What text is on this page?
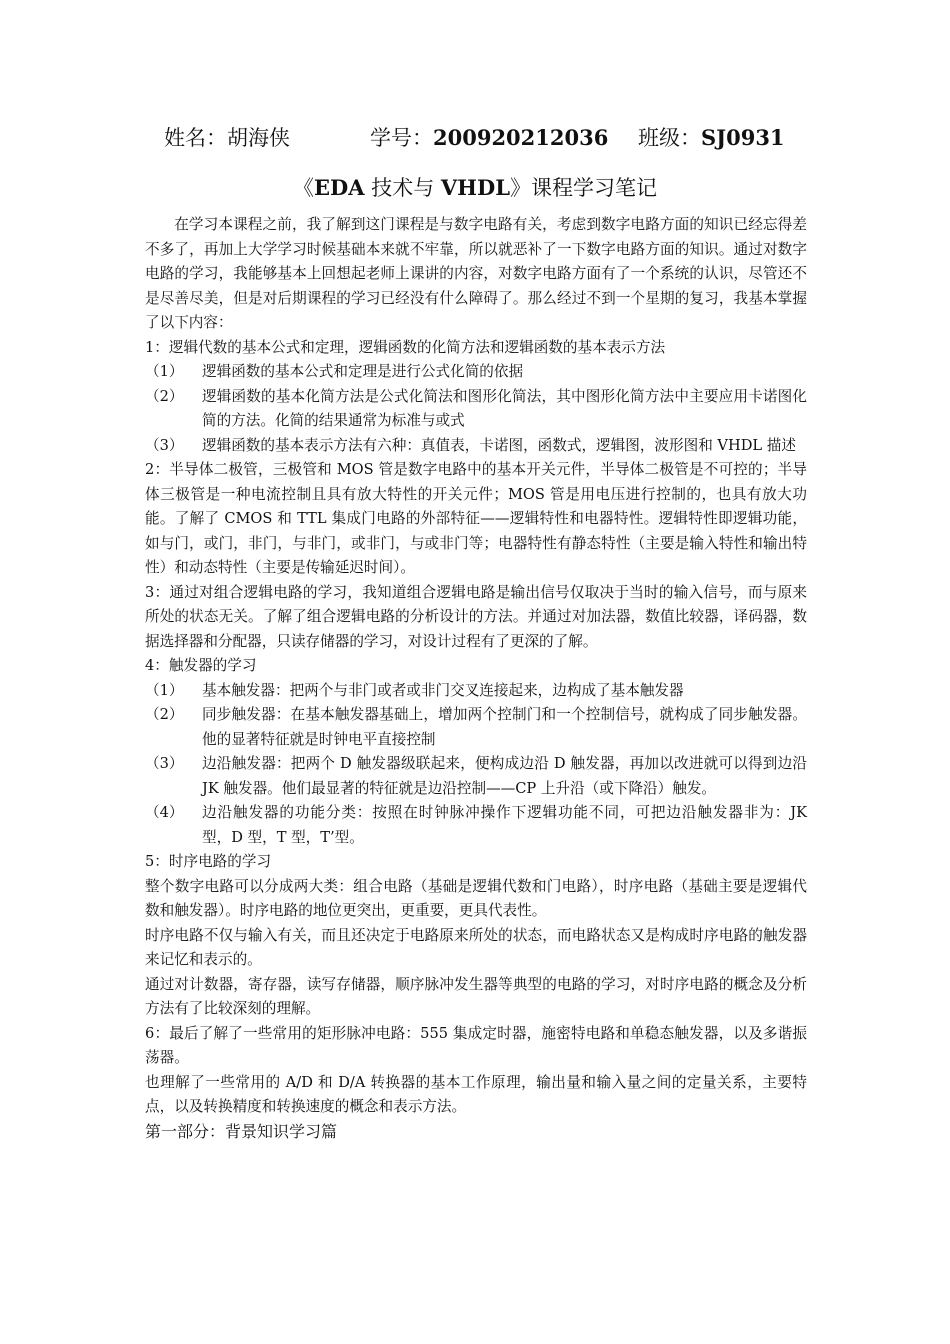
姓名：胡海侠	学号：200920212036 班级：SJ0931
《EDA 技术与 VHDL》课程学习笔记

在学习本课程之前，我了解到这门课程是与数字电路有关，考虑到数字电路方面的知识已经忘得差不多了，再加上大学学习时候基础本来就不牢靠，所以就恶补了一下数字电路方面的知识。通过对数字电路的学习，我能够基本上回想起老师上课讲的内容，对数字电路方面有了一个系统的认识，尽管还不是尽善尽美，但是对后期课程的学习已经没有什么障碍了。那么经过不到一个星期的复习，我基本掌握了以下内容：

1：逻辑代数的基本公式和定理，逻辑函数的化简方法和逻辑函数的基本表示方法

（1） 逻辑函数的基本公式和定理是进行公式化简的依据
（2） 逻辑函数的基本化简方法是公式化简法和图形化简法，其中图形化简方法中主要应用卡诺图化简的方法。化简的结果通常为标准与或式
（3） 逻辑函数的基本表示方法有六种：真值表，卡诺图，函数式，逻辑图，波形图和 VHDL 描述

2：半导体二极管，三极管和 MOS 管是数字电路中的基本开关元件，半导体二极管是不可控的；半导体三极管是一种电流控制且具有放大特性的开关元件；MOS 管是用电压进行控制的，也具有放大功能。了解了 CMOS 和 TTL 集成门电路的外部特征——逻辑特性和电器特性。逻辑特性即逻辑功能，如与门，或门，非门，与非门，或非门，与或非门等；电器特性有静态特性（主要是输入特性和输出特性）和动态特性（主要是传输延迟时间）。

3：通过对组合逻辑电路的学习，我知道组合逻辑电路是输出信号仅取决于当时的输入信号，而与原来所处的状态无关。了解了组合逻辑电路的分析设计的方法。并通过对加法器，数值比较器，译码器，数据选择器和分配器，只读存储器的学习，对设计过程有了更深的了解。

4：触发器的学习

（1） 基本触发器：把两个与非门或者或非门交叉连接起来，边构成了基本触发器
（2） 同步触发器：在基本触发器基础上，增加两个控制门和一个控制信号，就构成了同步触发器。他的显著特征就是时钟电平直接控制
（3） 边沿触发器：把两个 D 触发器级联起来，便构成边沿 D 触发器，再加以改进就可以得到边沿 JK 触发器。他们最显著的特征就是边沿控制——CP 上升沿（或下降沿）触发。
（4） 边沿触发器的功能分类：按照在时钟脉冲操作下逻辑功能不同，可把边沿触发器非为：JK 型，D 型，T 型，T’型。

5：时序电路的学习

整个数字电路可以分成两大类：组合电路（基础是逻辑代数和门电路），时序电路（基础主要是逻辑代数和触发器）。时序电路的地位更突出，更重要，更具代表性。

时序电路不仅与输入有关，而且还决定于电路原来所处的状态，而电路状态又是构成时序电路的触发器来记忆和表示的。

通过对计数器，寄存器，读写存储器，顺序脉冲发生器等典型的电路的学习，对时序电路的概念及分析方法有了比较深刻的理解。

6：最后了解了一些常用的矩形脉冲电路：555 集成定时器，施密特电路和单稳态触发器，以及多谐振荡器。

也理解了一些常用的 A/D 和 D/A 转换器的基本工作原理，输出量和输入量之间的定量关系，主要特点，以及转换精度和转换速度的概念和表示方法。

第一部分：背景知识学习篇
